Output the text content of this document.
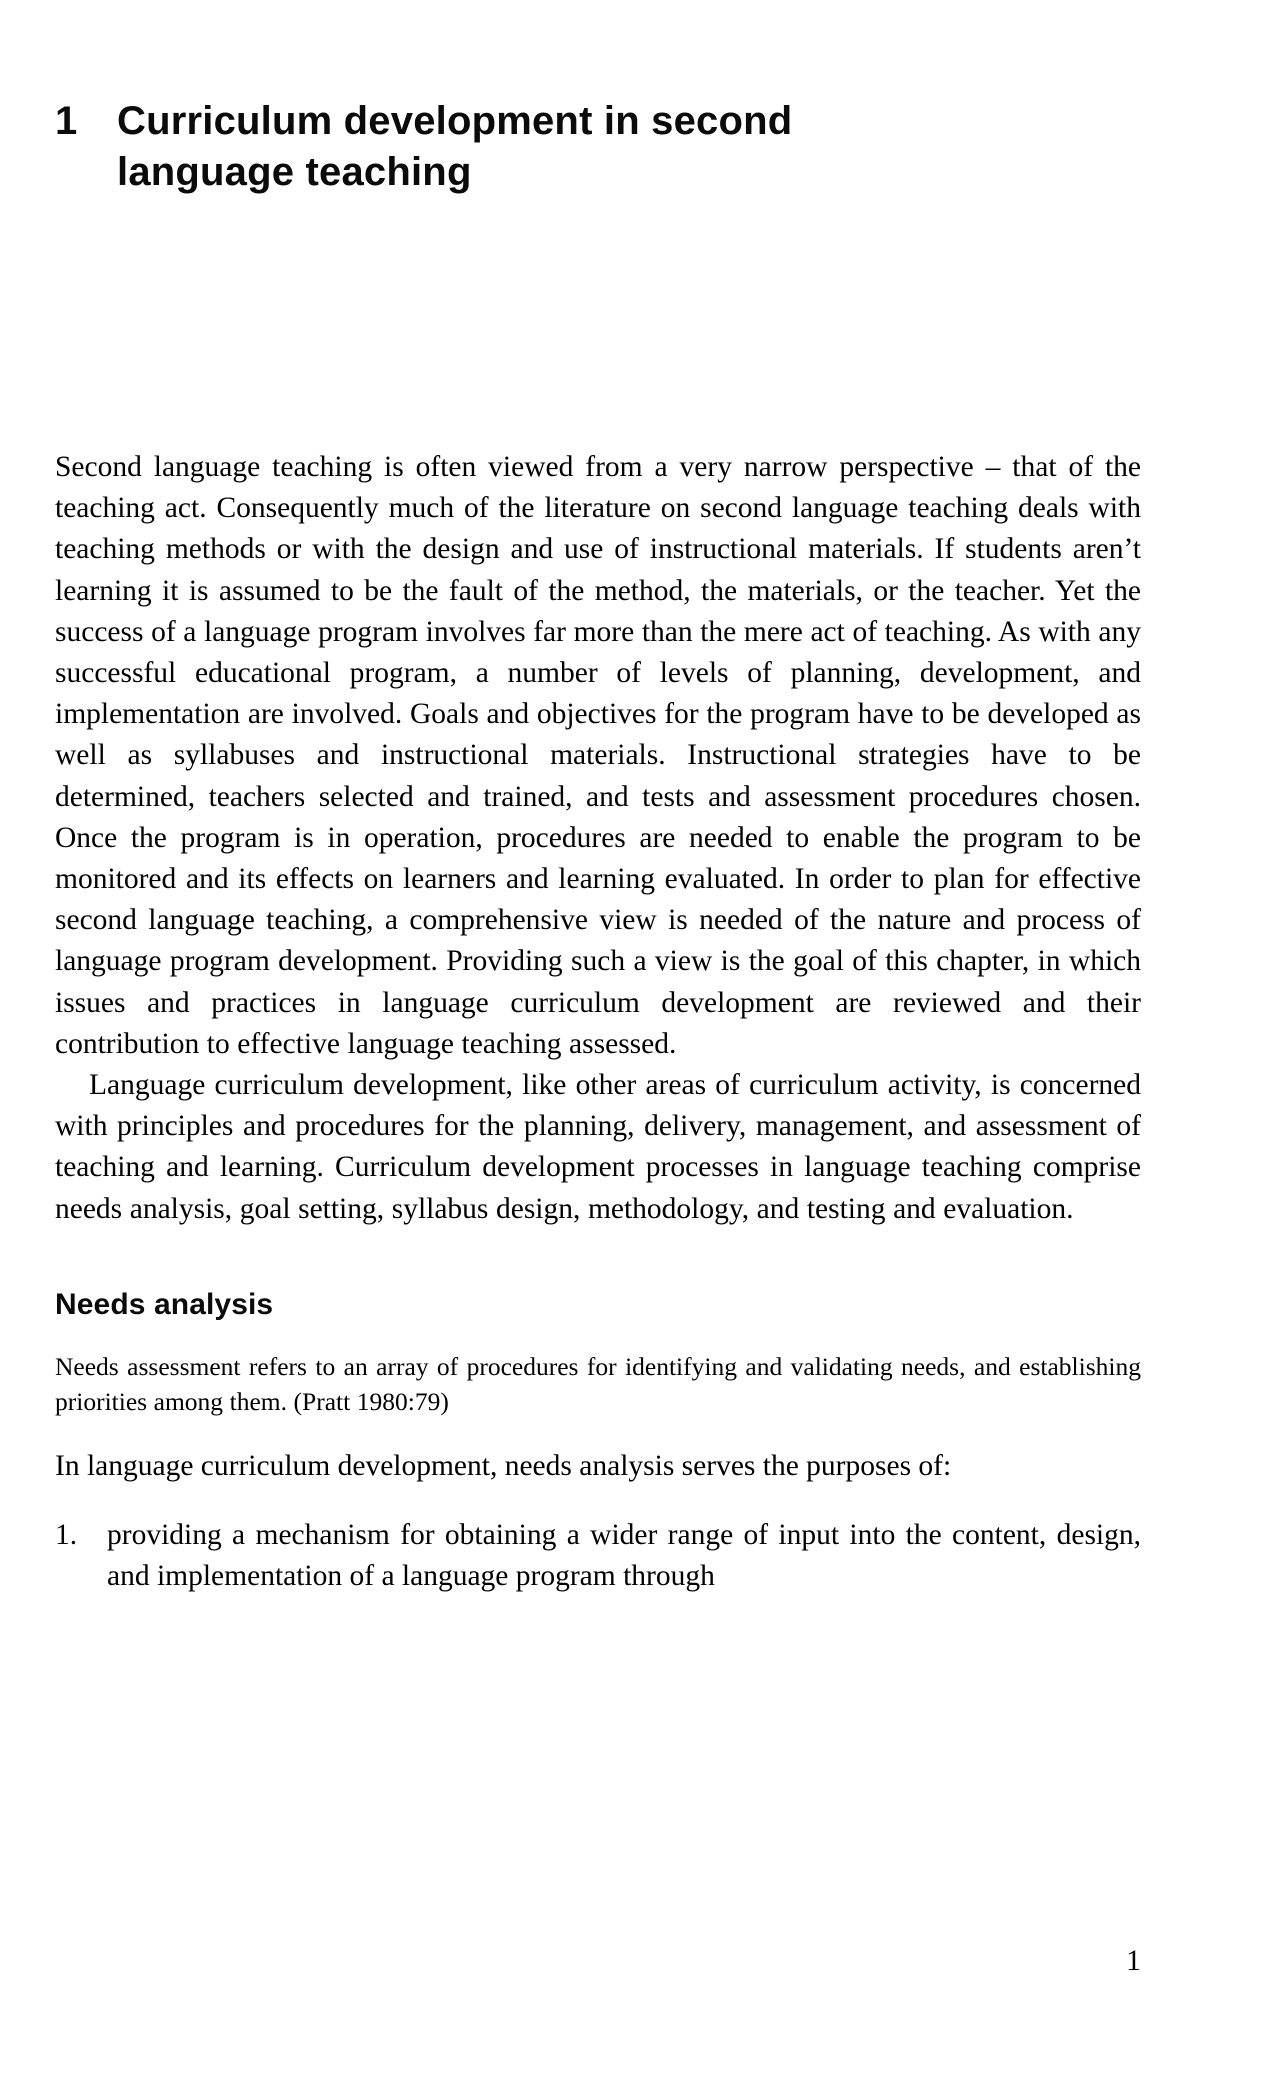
1 Curriculum development in second
language teaching

Second language teaching is often viewed from a very narrow perspective – that of the teaching act. Consequently much of the literature on second language teaching deals with teaching methods or with the design and use of instructional materials. If students aren’t learning it is assumed to be the fault of the method, the materials, or the teacher. Yet the success of a language program involves far more than the mere act of teaching. As with any successful educational program, a number of levels of planning, development, and implementation are involved. Goals and objectives for the program have to be developed as well as syllabuses and instructional materials. Instructional strategies have to be determined, teachers selected and trained, and tests and assessment procedures chosen. Once the program is in operation, procedures are needed to enable the program to be monitored and its effects on learners and learning evaluated. In order to plan for effective second language teaching, a comprehensive view is needed of the nature and process of language program development. Providing such a view is the goal of this chapter, in which issues and practices in language curriculum development are reviewed and their contribution to effective language teaching assessed.

Language curriculum development, like other areas of curriculum activity, is concerned with principles and procedures for the planning, delivery, management, and assessment of teaching and learning. Curriculum development processes in language teaching comprise needs analysis, goal setting, syllabus design, methodology, and testing and evaluation.

Needs analysis

Needs assessment refers to an array of procedures for identifying and validating needs, and establishing priorities among them. (Pratt 1980:79)

In language curriculum development, needs analysis serves the purposes of:

1.	providing a mechanism for obtaining a wider range of input into the content, design, and implementation of a language program through
1
